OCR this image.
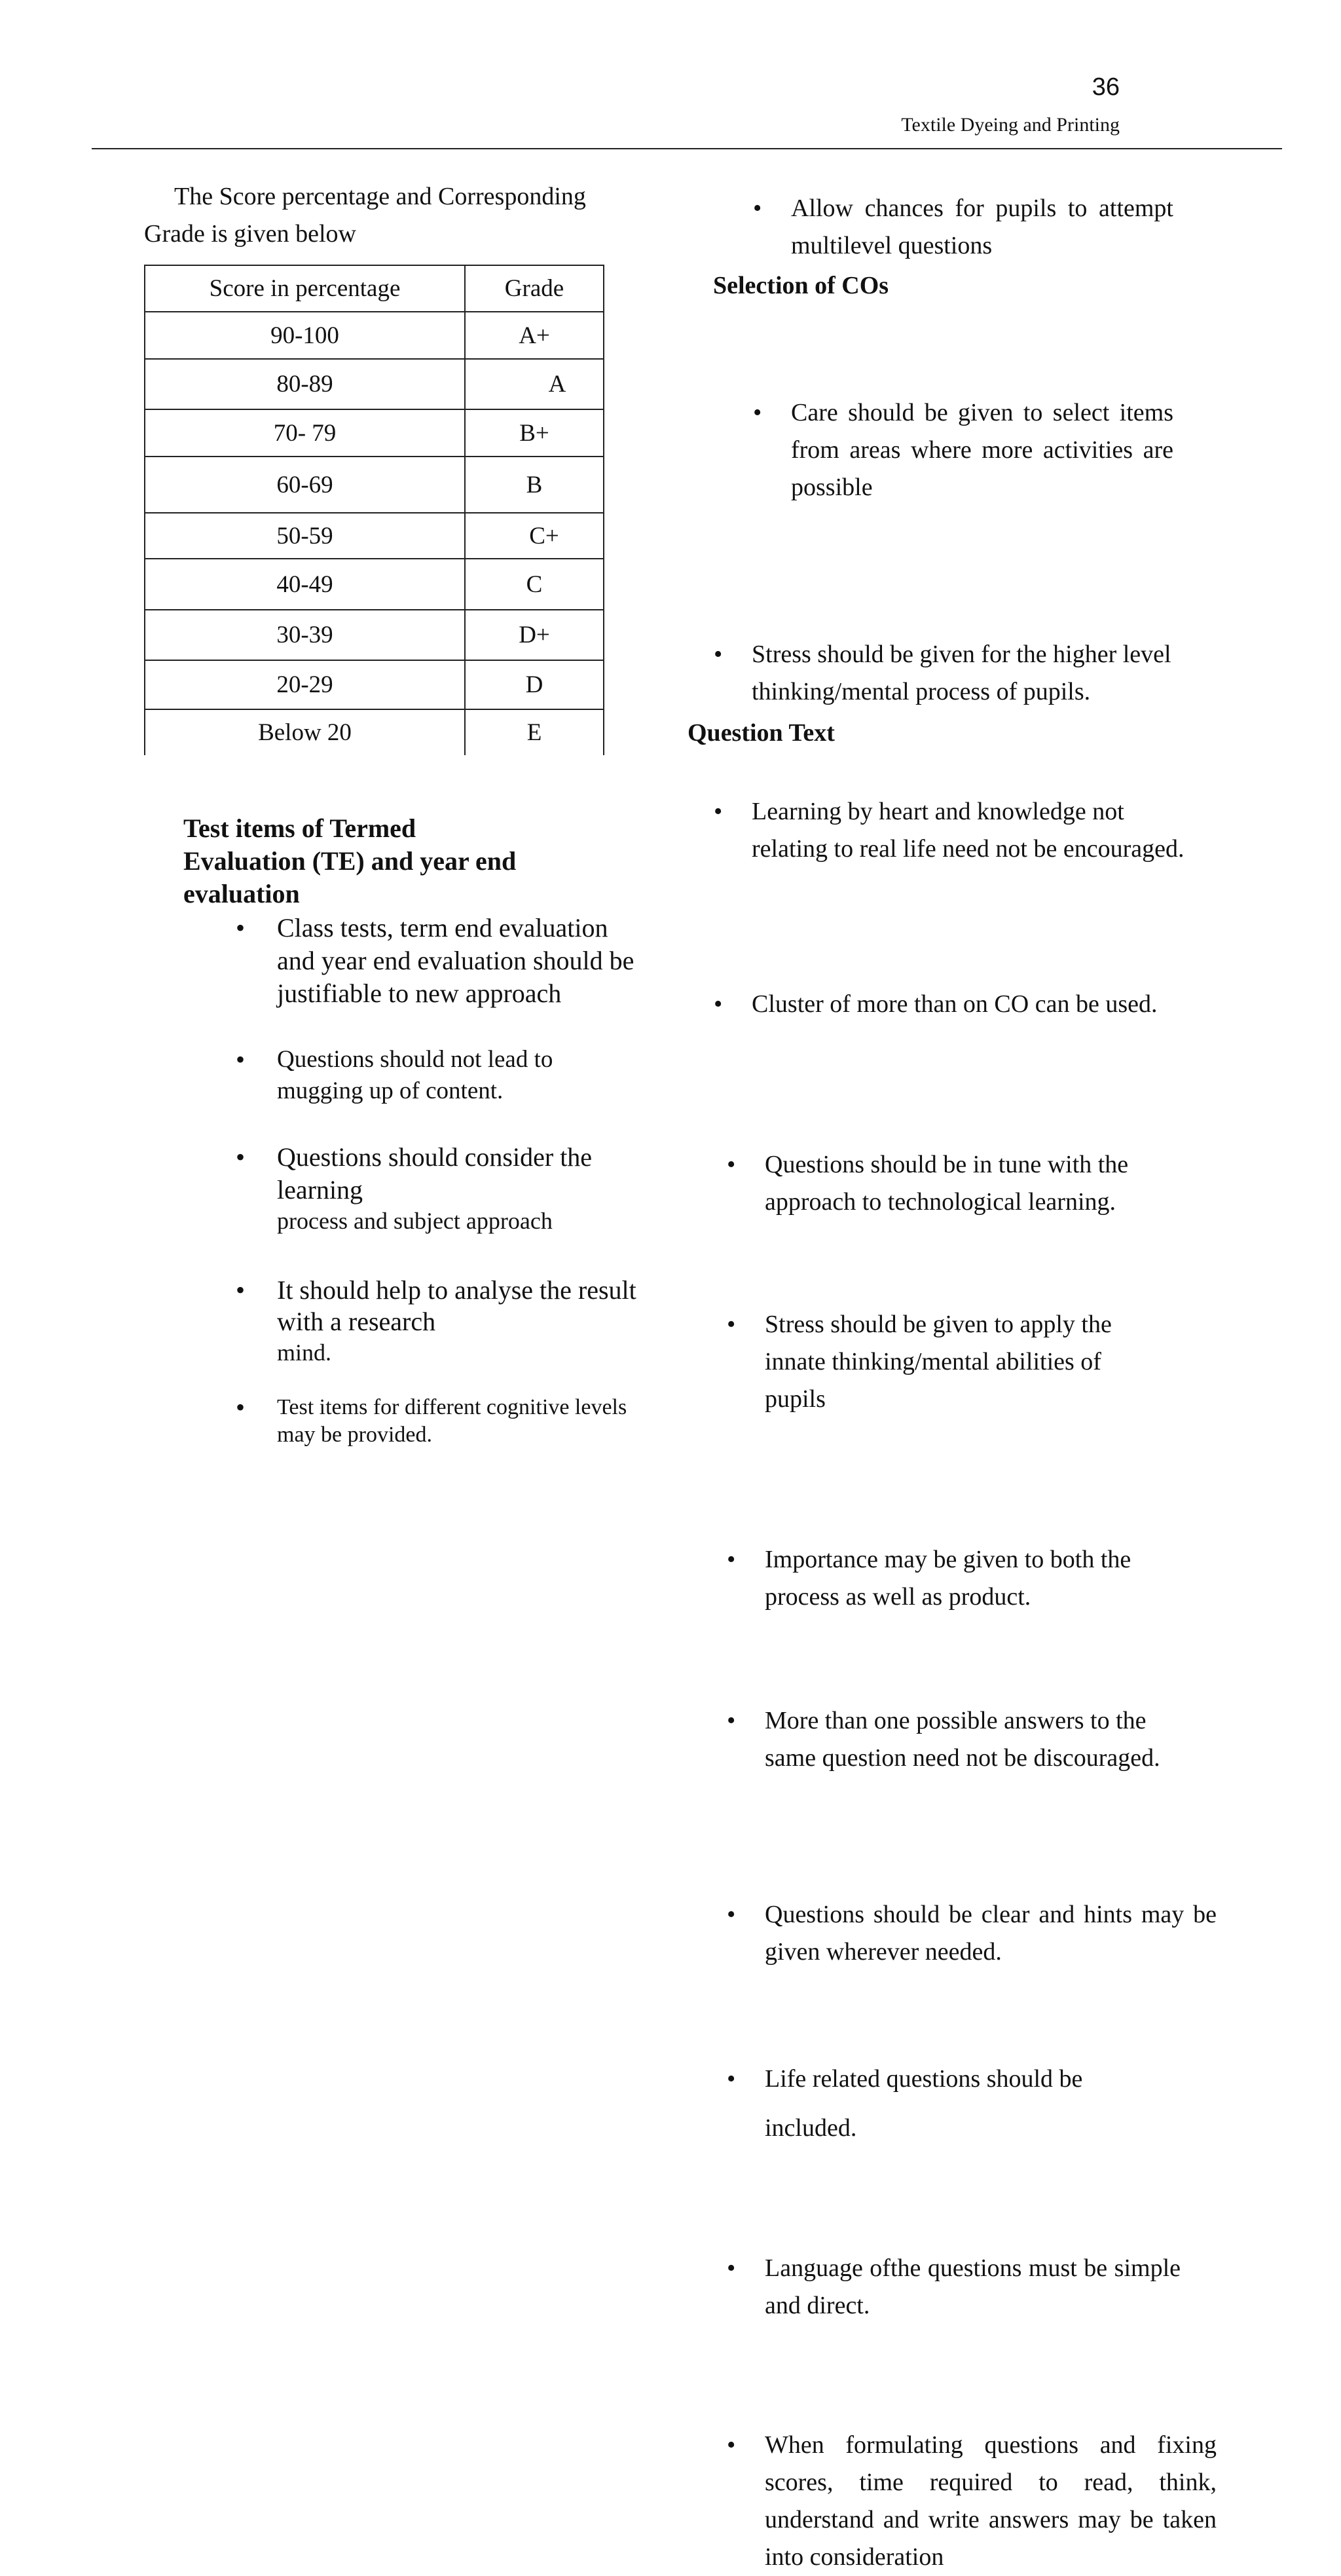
36
Textile Dyeing and Printing
The Score percentage and Corresponding
Grade is given below
Score in percentage	Grade
90-100	A+
80-89	A
70- 79	B+
60-69	B
50-59	C+
40-49	C
30-39	D+
20-29	D
Below 20	E
Test items of Termed
Evaluation (TE) and year end
evaluation
• Class tests, term end evaluation and year end evaluation should be justifiable to new approach
• Questions should not lead to mugging up of content.
• Questions should consider the learning
process and subject approach
• It should help to analyse the result with a research
mind.
• Test items for different cognitive levels may be provided.
• Allow chances for pupils to attempt multilevel questions
Selection of COs
• Care should be given to select items from areas where more activities are possible
• Stress should be given for the higher level thinking/mental process of pupils.
• Learning by heart and knowledge not relating to real life need not be encouraged.
• Cluster of more than on CO can be used.
Question Text
• Questions should be in tune with the approach to technological learning.
• Stress should be given to apply the innate thinking/mental abilities of pupils
• Importance may be given to both the process as well as product.
• More than one possible answers to the same question need not be discouraged.
• Questions should be clear and hints may be given wherever needed.
• Life related questions should be
included.
• Language ofthe questions must be simple and direct.
• When formulating questions and fixing scores, time required to read, think, understand and write answers may be taken into consideration
